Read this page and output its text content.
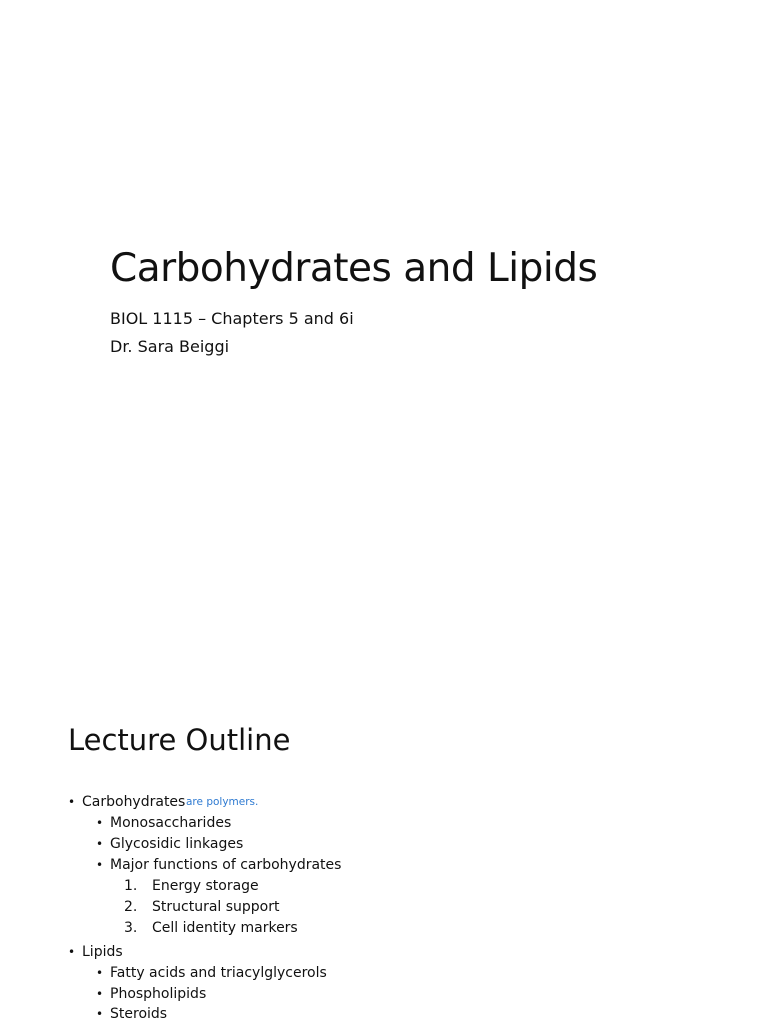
Carbohydrates and Lipids
BIOL 1115 – Chapters 5 and 6i
Dr. Sara Beiggi
Lecture Outline
• Carbohydrates are polymers.
• Monosaccharides
• Glycosidic linkages
• Major functions of carbohydrates
1. Energy storage
2. Structural support
3. Cell identity markers
• Lipids
• Fatty acids and triacylglycerols
• Phospholipids
• Steroids
